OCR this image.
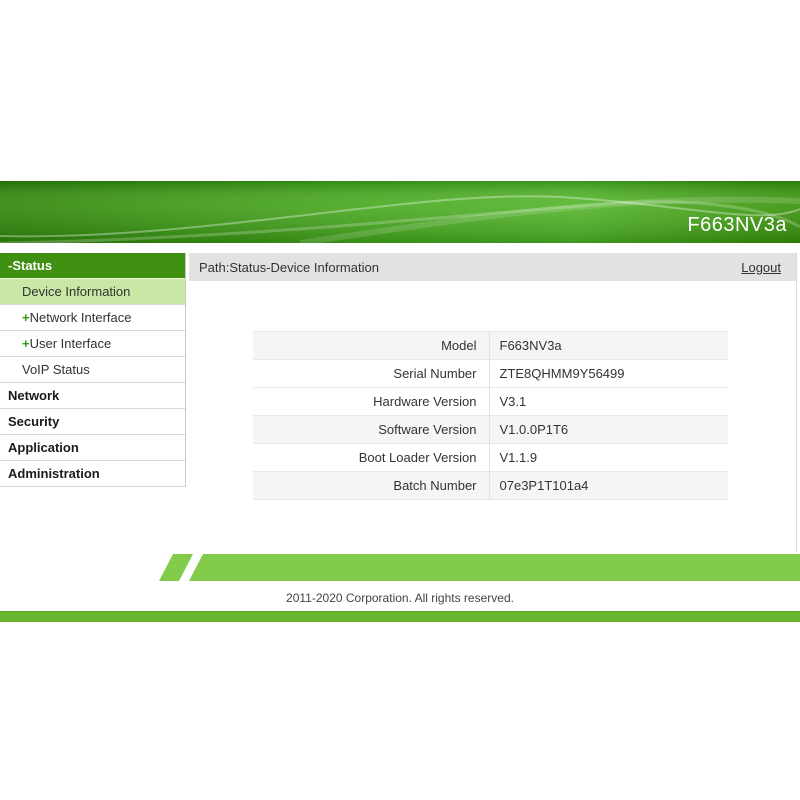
F663NV3a
-Status
Device Information
+Network Interface
+User Interface
VoIP Status
Network
Security
Application
Administration
Path:Status-Device Information	Logout
Model	F663NV3a
Serial Number	ZTE8QHMM9Y56499
Hardware Version	V3.1
Software Version	V1.0.0P1T6
Boot Loader Version	V1.1.9
Batch Number	07e3P1T101a4
2011-2020 Corporation. All rights reserved.
